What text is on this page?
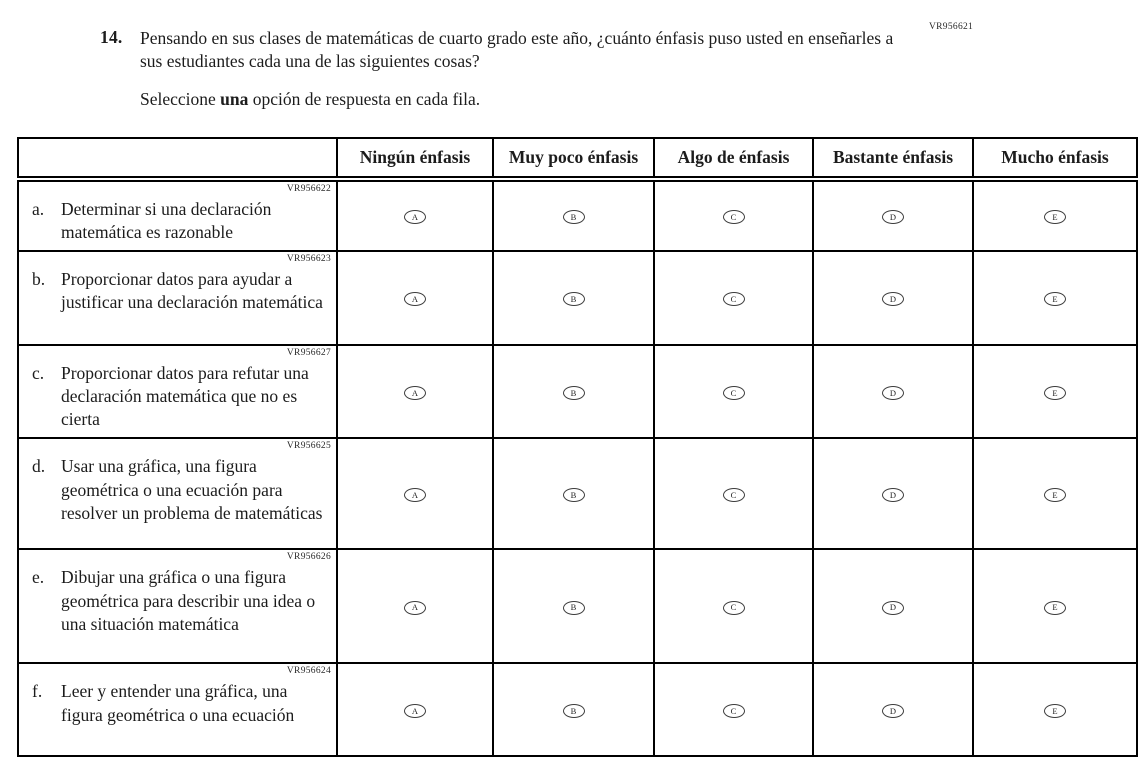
VR956621
14.	Pensando en sus clases de matemáticas de cuarto grado este año, ¿cuánto énfasis puso usted en enseñarles a sus estudiantes cada una de las siguientes cosas?
Seleccione una opción de respuesta en cada fila.
	Ningún énfasis	Muy poco énfasis	Algo de énfasis	Bastante énfasis	Mucho énfasis

VR956622
a. Determinar si una declaración matemática es razonable	A	B	C	D	E

VR956623
b. Proporcionar datos para ayudar a justificar una declaración matemática	A	B	C	D	E

VR956627
c. Proporcionar datos para refutar una declaración matemática que no es cierta	A	B	C	D	E

VR956625
d. Usar una gráfica, una figura geométrica o una ecuación para resolver un problema de matemáticas	A	B	C	D	E

VR956626
e. Dibujar una gráfica o una figura geométrica para describir una idea o una situación matemática	A	B	C	D	E

VR956624
f. Leer y entender una gráfica, una figura geométrica o una ecuación	A	B	C	D	E
